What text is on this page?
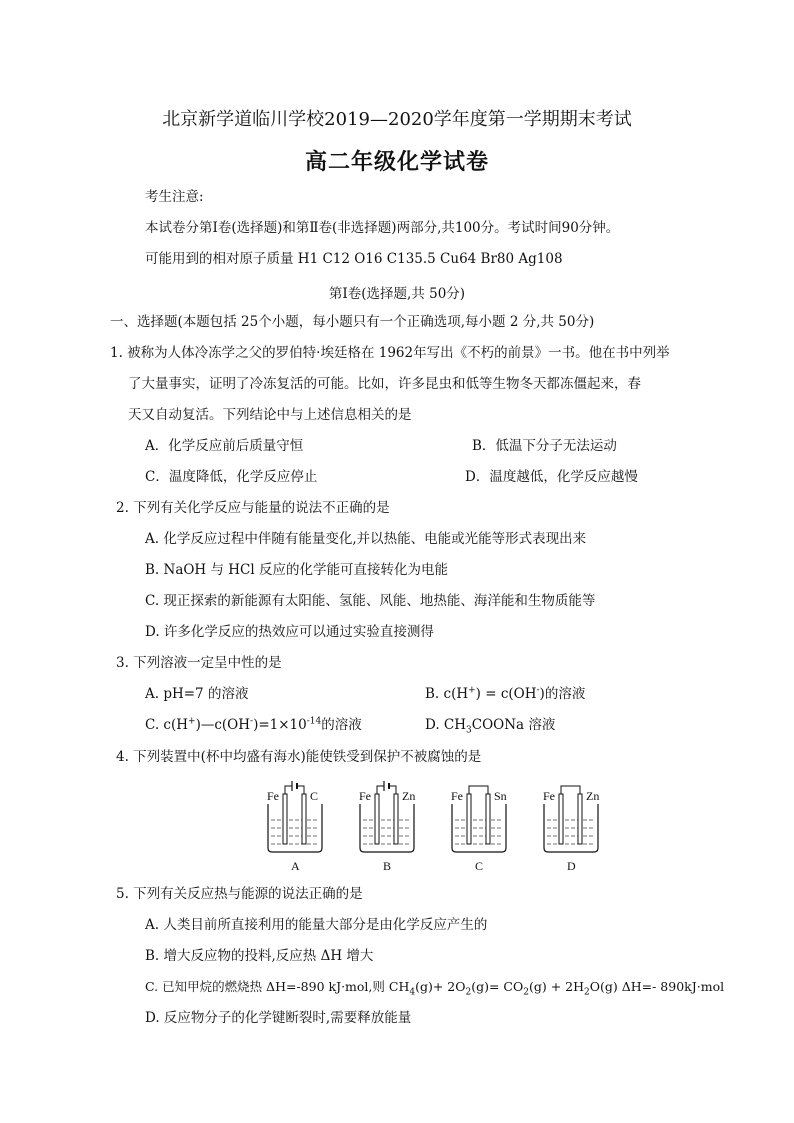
北京新学道临川学校2019—2020学年度第一学期期末考试
高二年级化学试卷
考生注意:
本试卷分第Ⅰ卷(选择题)和第Ⅱ卷(非选择题)两部分,共100分。考试时间90分钟。
可能用到的相对原子质量 H1 C12 O16 C135.5 Cu64 Br80 Ag108
第Ⅰ卷(选择题,共 50分)
一、选择题(本题包括 25个小题，每小题只有一个正确选项,每小题 2 分,共 50分)
1. 被称为人体冷冻学之父的罗伯特·埃廷格在 1962年写出《不朽的前景》一书。他在书中列举
了大量事实，证明了冷冻复活的可能。比如，许多昆虫和低等生物冬天都冻僵起来，春
天又自动复活。下列结论中与上述信息相关的是
A．化学反应前后质量守恒	B．低温下分子无法运动
C．温度降低，化学反应停止	D．温度越低，化学反应越慢
2. 下列有关化学反应与能量的说法不正确的是
A. 化学反应过程中伴随有能量变化,并以热能、电能或光能等形式表现出来
B. NaOH 与 HCl 反应的化学能可直接转化为电能
C. 现正探索的新能源有太阳能、氢能、风能、地热能、海洋能和生物质能等
D. 许多化学反应的热效应可以通过实验直接测得
3. 下列溶液一定呈中性的是
A. pH=7 的溶液	B. c(H+) = c(OH-)的溶液
C. $c(H^+)—c(OH^-)=1\times 10^{-14}$的溶液	D. $CH_3COONa$ 溶液
4. 下列装置中(杯中均盛有海水)能使铁受到保护不被腐蚀的是
Fe	C
A
Fe	Zn
B
Fe	Sn
C
Fe	Zn
D
5. 下列有关反应热与能源的说法正确的是
A. 人类目前所直接利用的能量大部分是由化学反应产生的
B. 增大反应物的投料,反应热 ΔH 增大
C. 已知甲烷的燃烧热 ΔH=-890 kJ·mol,则 $CH_4(g)+ 2O_2(g)= CO_2(g) + 2H_2O(g)$ ΔH=- 890kJ·mol
D. 反应物分子的化学键断裂时,需要释放能量
